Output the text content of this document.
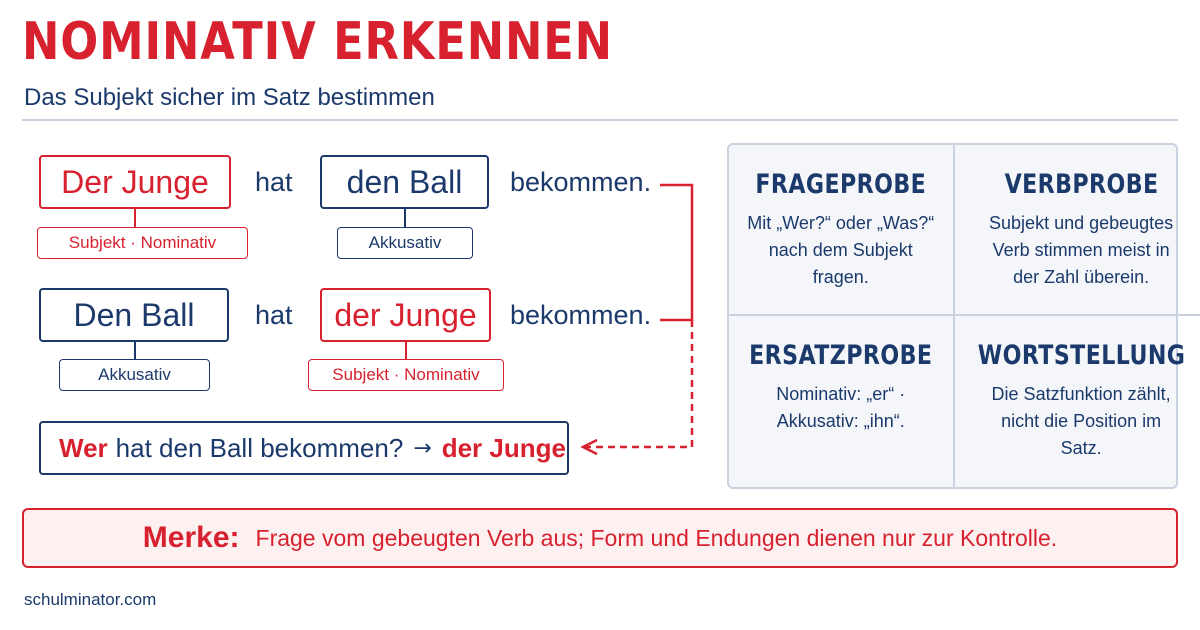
NOMINATIV ERKENNEN
Das Subjekt sicher im Satz bestimmen
Der Junge	hat	den Ball	bekommen.
Subjekt · Nominativ	Akkusativ
Den Ball	hat	der Junge	bekommen.
Akkusativ	Subjekt · Nominativ
Wer hat den Ball bekommen? → der Junge
FRAGEPROBE
Mit „Wer?“ oder „Was?“ nach dem Subjekt fragen.
VERBPROBE
Subjekt und gebeugtes Verb stimmen meist in der Zahl überein.
ERSATZPROBE
Nominativ: „er“ · Akkusativ: „ihn“.
WORTSTELLUNG
Die Satzfunktion zählt, nicht die Position im Satz.
Merke: Frage vom gebeugten Verb aus; Form und Endungen dienen nur zur Kontrolle.
schulminator.com
